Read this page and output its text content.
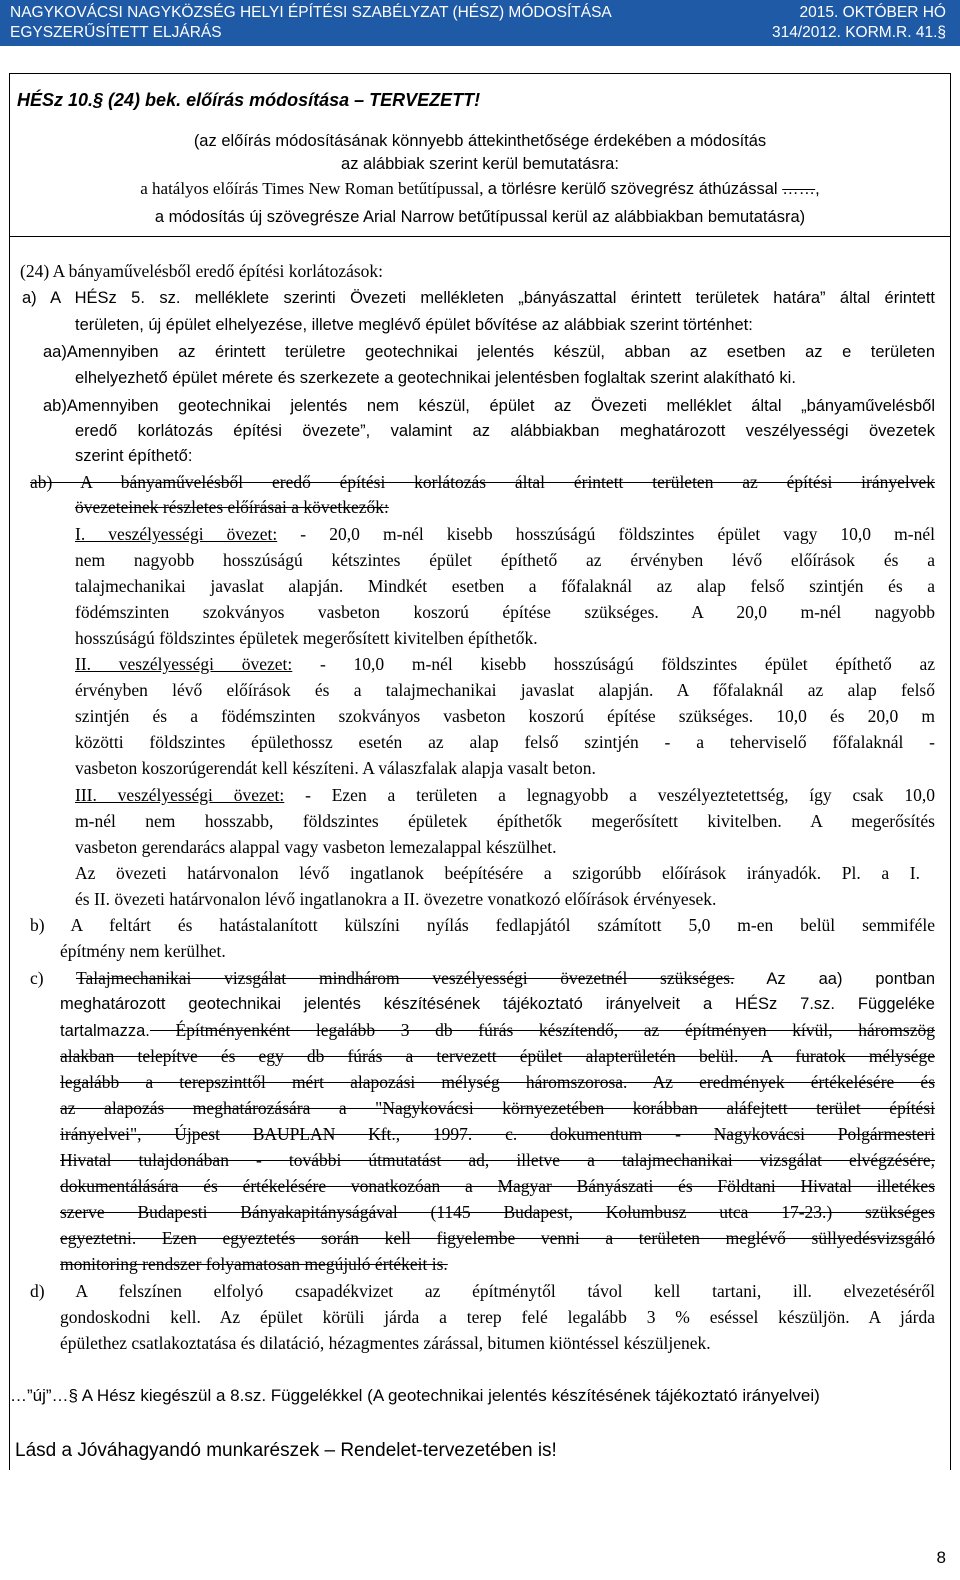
NAGYKOVÁCSI NAGYKÖZSÉG HELYI ÉPÍTÉSI SZABÉLYZAT (HÉSZ) MÓDOSÍTÁSA	2015. OKTÓBER HÓ
EGYSZERŰSÍTETT ELJÁRÁS	314/2012. KORM.R. 41.§
HÉSz 10.§ (24) bek. előírás módosítása – TERVEZETT!
(az előírás módosításának könnyebb áttekinthetősége érdekében a módosítás
az alábbiak szerint kerül bemutatásra:
a hatályos előírás Times New Roman betűtípussal, a törlésre kerülő szövegrész áthúzással ……,
a módosítás új szövegrésze Arial Narrow betűtípussal kerül az alábbiakban bemutatásra)
(24) A bányaművelésből eredő építési korlátozások:
a) A HÉSz 5. sz. melléklete szerinti Övezeti mellékleten „bányászattal érintett területek határa” által érintett
területen, új épület elhelyezése, illetve meglévő épület bővítése az alábbiak szerint történhet:
aa)Amennyiben az érintett területre geotechnikai jelentés készül, abban az esetben az e területen
elhelyezhető épület mérete és szerkezete a geotechnikai jelentésben foglaltak szerint alakítható ki.
ab)Amennyiben geotechnikai jelentés nem készül, épület az Övezeti melléklet által „bányaművelésből
eredő korlátozás építési övezete”, valamint az alábbiakban meghatározott veszélyességi övezetek
szerint építhető:
ab) A bányaművelésből eredő építési korlátozás által érintett területen az építési irányelvek
övezeteinek részletes előírásai a következők:
I. veszélyességi övezet: - 20,0 m-nél kisebb hosszúságú földszintes épület vagy 10,0 m-nél
nem nagyobb hosszúságú kétszintes épület építhető az érvényben lévő előírások és a
talajmechanikai javaslat alapján. Mindkét esetben a főfalaknál az alap felső szintjén és a
födémszinten szokványos vasbeton koszorú építése szükséges. A 20,0 m-nél nagyobb
hosszúságú földszintes épületek megerősített kivitelben építhetők.
II. veszélyességi övezet: - 10,0 m-nél kisebb hosszúságú földszintes épület építhető az
érvényben lévő előírások és a talajmechanikai javaslat alapján. A főfalaknál az alap felső
szintjén és a födémszinten szokványos vasbeton koszorú építése szükséges. 10,0 és 20,0 m
közötti földszintes épülethossz esetén az alap felső szintjén - a teherviselő főfalaknál -
vasbeton koszorúgerendát kell készíteni. A válaszfalak alapja vasalt beton.
III. veszélyességi övezet: - Ezen a területen a legnagyobb a veszélyeztetettség, így csak 10,0
m-nél nem hosszabb, földszintes épületek építhetők megerősített kivitelben. A megerősítés
vasbeton gerendarács alappal vagy vasbeton lemezalappal készülhet.
Az övezeti határvonalon lévő ingatlanok beépítésére a szigorúbb előírások irányadók. Pl. a I.
és II. övezeti határvonalon lévő ingatlanokra a II. övezetre vonatkozó előírások érvényesek.
b) A feltárt és hatástalanított külszíni nyílás fedlapjától számított 5,0 m-en belül semmiféle
építmény nem kerülhet.
c) Talajmechanikai vizsgálat mindhárom veszélyességi övezetnél szükséges. Az aa) pontban
meghatározott geotechnikai jelentés készítésének tájékoztató irányelveit a HÉSz 7.sz. Függeléke
tartalmazza. Építményenként legalább 3 db fúrás készítendő, az építményen kívül, háromszög
alakban telepítve és egy db fúrás a tervezett épület alapterületén belül. A furatok mélysége
legalább a terepszinttől mért alapozási mélység háromszorosa. Az eredmények értékelésére és
az alapozás meghatározására a "Nagykovácsi környezetében korábban aláfejtett terület építési
irányelvei", Újpest BAUPLAN Kft., 1997. c. dokumentum - Nagykovácsi Polgármesteri
Hivatal tulajdonában - további útmutatást ad, illetve a talajmechanikai vizsgálat elvégzésére,
dokumentálására és értékelésére vonatkozóan a Magyar Bányászati és Földtani Hivatal illetékes
szerve Budapesti Bányakapitányságával (1145 Budapest, Kolumbusz utca 17-23.) szükséges
egyeztetni. Ezen egyeztetés során kell figyelembe venni a területen meglévő süllyedésvizsgáló
monitoring rendszer folyamatosan megújuló értékeit is.
d) A felszínen elfolyó csapadékvizet az építménytől távol kell tartani, ill. elvezetéséről
gondoskodni kell. Az épület körüli járda a terep felé legalább 3 % eséssel készüljön. A járda
épülethez csatlakoztatása és dilatáció, hézagmentes zárással, bitumen kiöntéssel készüljenek.
…”új”…§ A Hész kiegészül a 8.sz. Függelékkel (A geotechnikai jelentés készítésének tájékoztató irányelvei)
Lásd a Jóváhagyandó munkarészek – Rendelet-tervezetében is!
8
